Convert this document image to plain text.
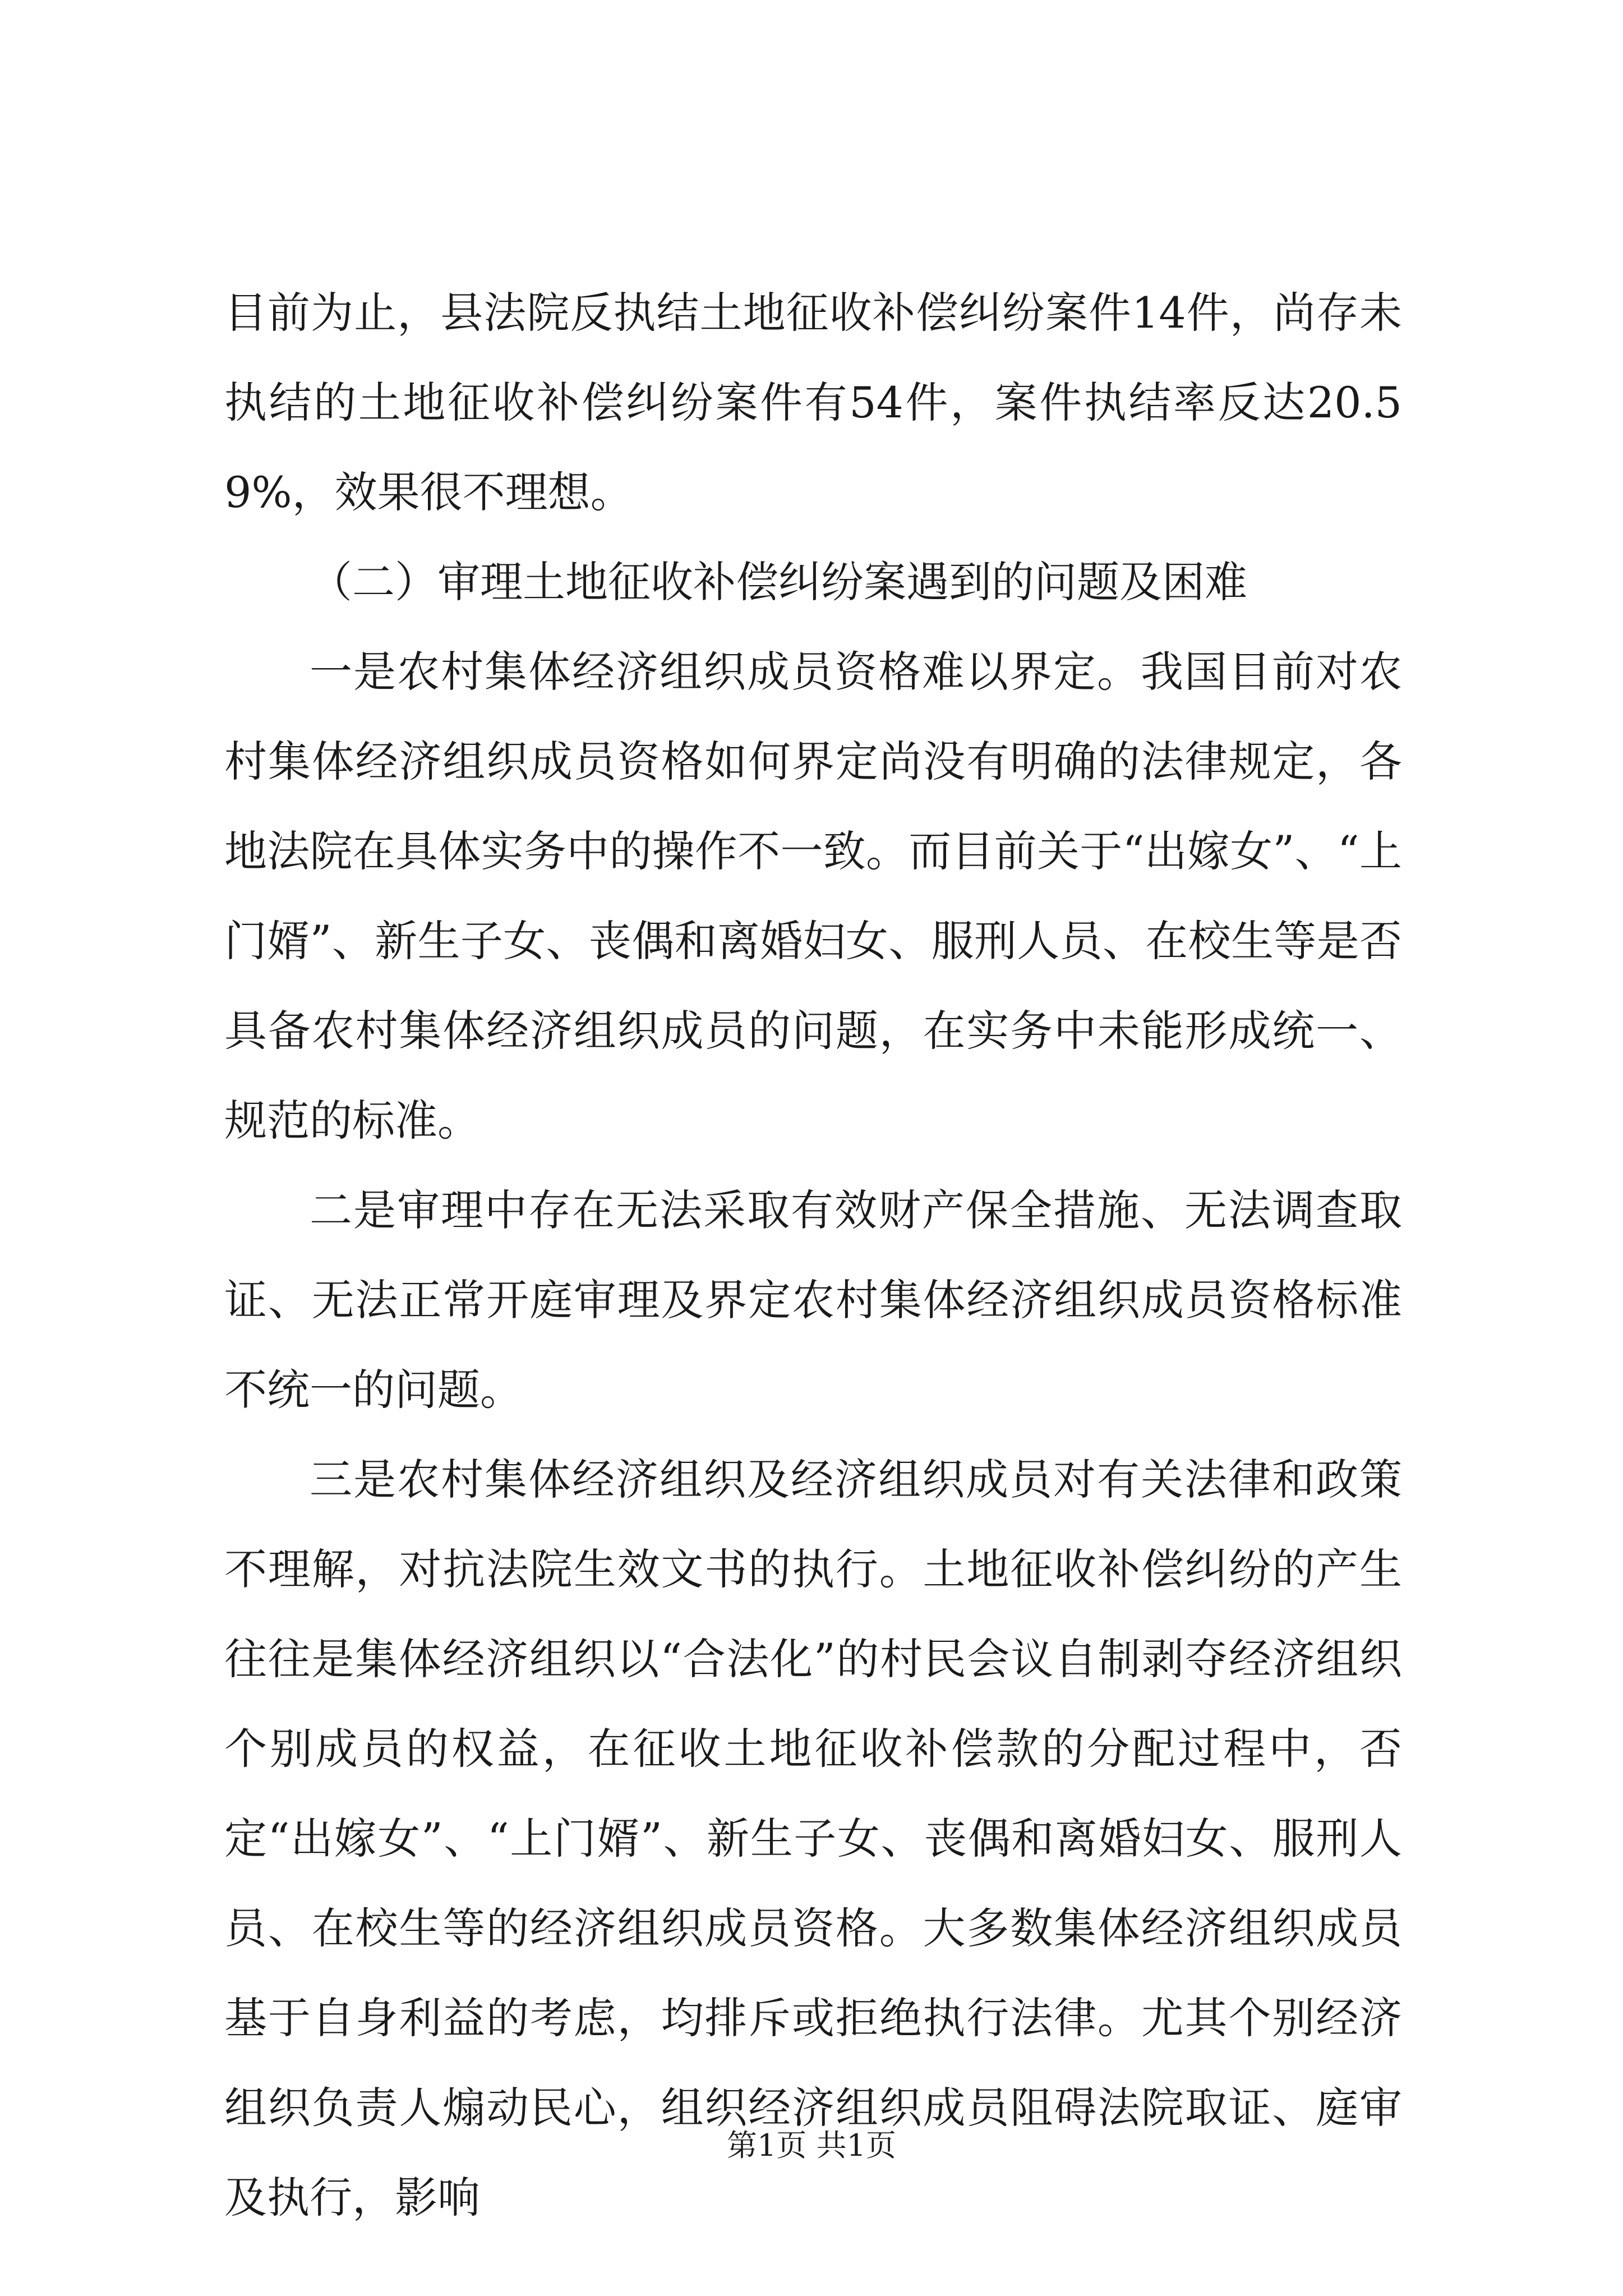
目前为止，县法院反执结土地征收补偿纠纷案件14件，尚存未执结的土地征收补偿纠纷案件有54件，案件执结率反达20.59%，效果很不理想。

（二）审理土地征收补偿纠纷案遇到的问题及困难

一是农村集体经济组织成员资格难以界定。我国目前对农村集体经济组织成员资格如何界定尚没有明确的法律规定，各地法院在具体实务中的操作不一致。而目前关于“出嫁女”、“上门婿”、新生子女、丧偶和离婚妇女、服刑人员、在校生等是否具备农村集体经济组织成员的问题，在实务中未能形成统一、规范的标准。

二是审理中存在无法采取有效财产保全措施、无法调查取证、无法正常开庭审理及界定农村集体经济组织成员资格标准不统一的问题。

三是农村集体经济组织及经济组织成员对有关法律和政策不理解，对抗法院生效文书的执行。土地征收补偿纠纷的产生往往是集体经济组织以“合法化”的村民会议自制剥夺经济组织个别成员的权益，在征收土地征收补偿款的分配过程中，否定“出嫁女”、“上门婿”、新生子女、丧偶和离婚妇女、服刑人员、在校生等的经济组织成员资格。大多数集体经济组织成员基于自身利益的考虑，均排斥或拒绝执行法律。尤其个别经济组织负责人煽动民心，组织经济组织成员阻碍法院取证、庭审及执行，影响

第1页 共1页
